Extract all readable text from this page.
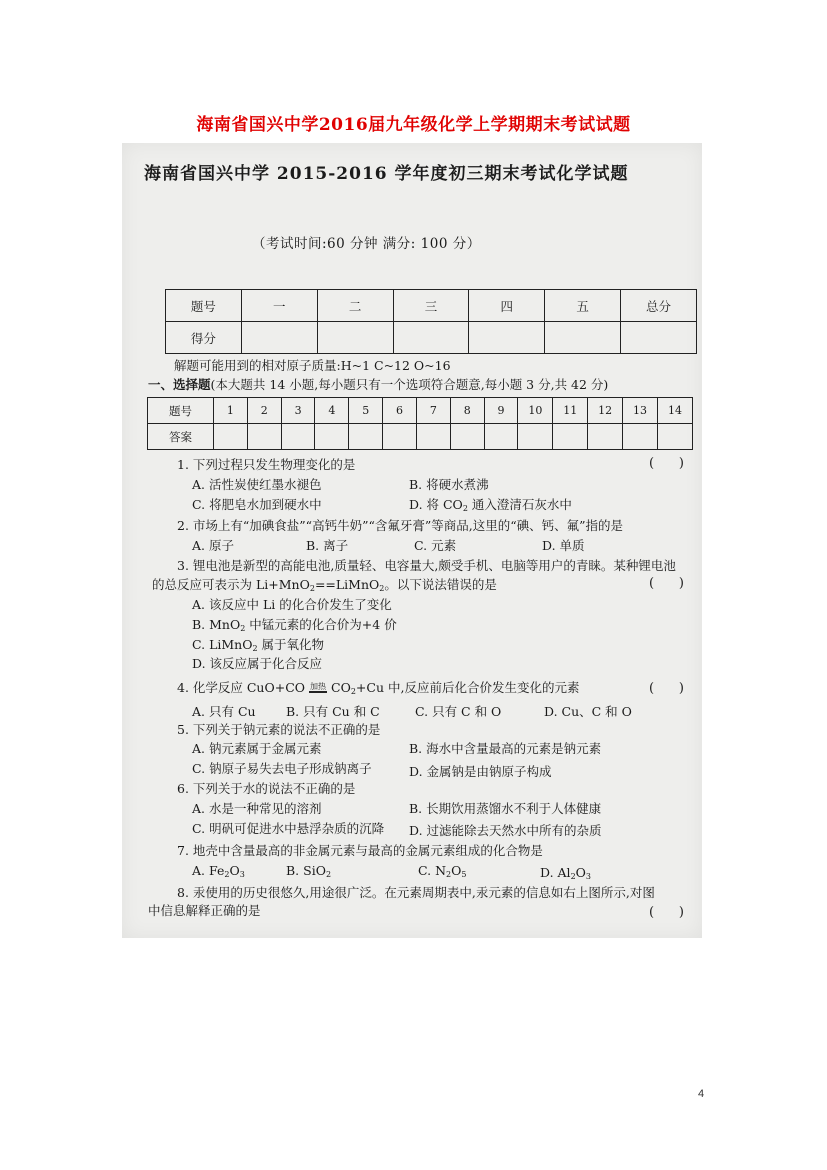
海南省国兴中学2016届九年级化学上学期期末考试试题
海南省国兴中学 2015-2016 学年度初三期末考试化学试题
（考试时间:60 分钟 满分: 100 分）
题号	一	二	三	四	五	总分
得分						
解题可能用到的相对原子质量:H~1 C~12 O~16
一、选择题(本大题共 14 小题,每小题只有一个选项符合题意,每小题 3 分,共 42 分)
题号	1	2	3	4	5	6	7	8	9	10	11	12	13	14
答案														
1. 下列过程只发生物理变化的是	(      )
A. 活性炭使红墨水褪色	B. 将硬水煮沸
C. 将肥皂水加到硬水中	D. 将 $CO_2$ 通入澄清石灰水中
2. 市场上有“加碘食盐”“高钙牛奶”“含氟牙膏”等商品,这里的“碘、钙、氟”指的是
A. 原子	B. 离子	C. 元素	D. 单质
3. 锂电池是新型的高能电池,质量轻、电容量大,颇受手机、电脑等用户的青睐。某种锂电池
的总反应可表示为 Li+MnO$_2$==LiMnO$_2$。以下说法错误的是	(      )
A. 该反应中 Li 的化合价发生了变化
B. MnO$_2$ 中锰元素的化合价为+4 价
C. LiMnO$_2$ 属于氧化物
D. 该反应属于化合反应
4. 化学反应 CuO+CO 加热 $CO_2+Cu$ 中,反应前后化合价发生变化的元素	(      )
A. 只有 Cu B. 只有 Cu 和 C	C. 只有 C 和 O	D. Cu、C 和 O
5. 下列关于钠元素的说法不正确的是
A. 钠元素属于金属元素	B. 海水中含量最高的元素是钠元素
C. 钠原子易失去电子形成钠离子	D. 金属钠是由钠原子构成
6. 下列关于水的说法不正确的是
A. 水是一种常见的溶剂	B. 长期饮用蒸馏水不利于人体健康
C. 明矾可促进水中悬浮杂质的沉降 D. 过滤能除去天然水中所有的杂质
7. 地壳中含量最高的非金属元素与最高的金属元素组成的化合物是
A. $Fe_2O_3$	B. SiO$_2$	C. $N_2O_5$	D. $Al_2O_3$
8. 汞使用的历史很悠久,用途很广泛。在元素周期表中,汞元素的信息如右上图所示,对图
中信息解释正确的是	(      )
4
